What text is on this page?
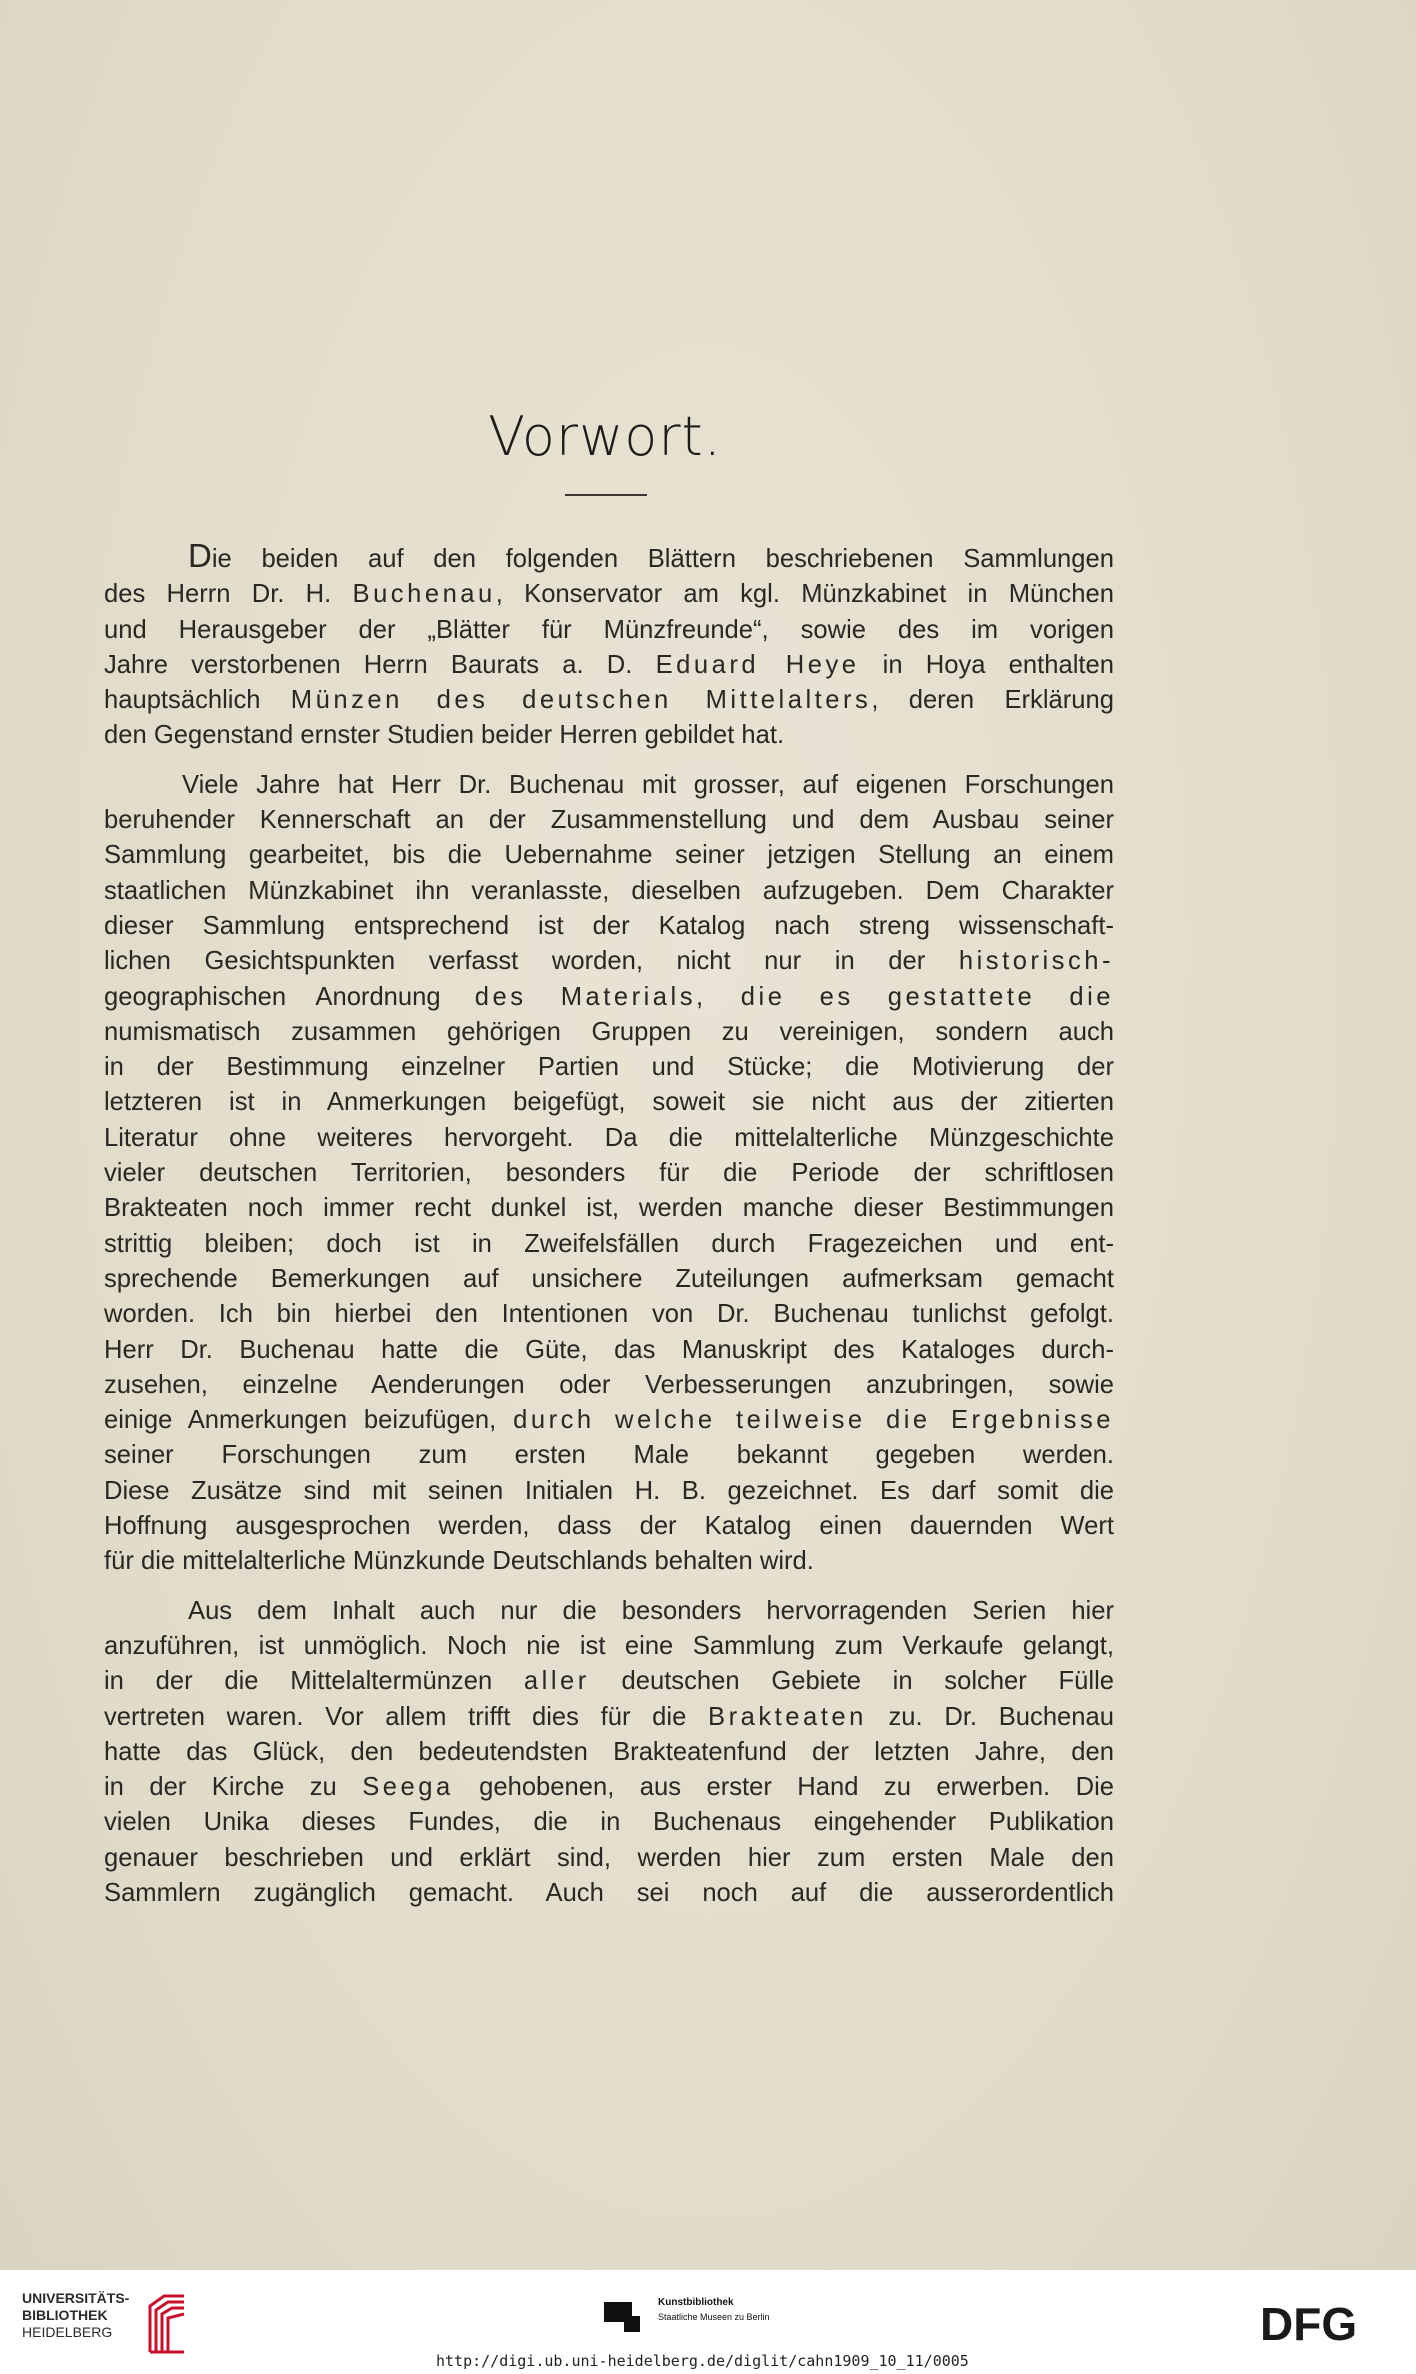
Vorwort.
Die beiden auf den folgenden Blättern beschriebenen Sammlungen
des Herrn Dr. H. Buchenau, Konservator am kgl. Münzkabinet in München
und Herausgeber der „Blätter für Münzfreunde“, sowie des im vorigen
Jahre verstorbenen Herrn Baurats a. D. Eduard Heye in Hoya enthalten
hauptsächlich Münzen des deutschen Mittelalters, deren Erklärung
den Gegenstand ernster Studien beider Herren gebildet hat.
Viele Jahre hat Herr Dr. Buchenau mit grosser, auf eigenen Forschungen
beruhender Kennerschaft an der Zusammenstellung und dem Ausbau seiner
Sammlung gearbeitet, bis die Uebernahme seiner jetzigen Stellung an einem
staatlichen Münzkabinet ihn veranlasste, dieselben aufzugeben. Dem Charakter
dieser Sammlung entsprechend ist der Katalog nach streng wissenschaft-
lichen Gesichtspunkten verfasst worden, nicht nur in der historisch-
geographischen Anordnung des Materials, die es gestattete die
numismatisch zusammen gehörigen Gruppen zu vereinigen, sondern auch
in der Bestimmung einzelner Partien und Stücke; die Motivierung der
letzteren ist in Anmerkungen beigefügt, soweit sie nicht aus der zitierten
Literatur ohne weiteres hervorgeht. Da die mittelalterliche Münzgeschichte
vieler deutschen Territorien, besonders für die Periode der schriftlosen
Brakteaten noch immer recht dunkel ist, werden manche dieser Bestimmungen
strittig bleiben; doch ist in Zweifelsfällen durch Fragezeichen und ent-
sprechende Bemerkungen auf unsichere Zuteilungen aufmerksam gemacht
worden. Ich bin hierbei den Intentionen von Dr. Buchenau tunlichst gefolgt.
Herr Dr. Buchenau hatte die Güte, das Manuskript des Kataloges durch-
zusehen, einzelne Aenderungen oder Verbesserungen anzubringen, sowie
einige Anmerkungen beizufügen, durch welche teilweise die Ergebnisse
seiner Forschungen zum ersten Male bekannt gegeben werden.
Diese Zusätze sind mit seinen Initialen H. B. gezeichnet. Es darf somit die
Hoffnung ausgesprochen werden, dass der Katalog einen dauernden Wert
für die mittelalterliche Münzkunde Deutschlands behalten wird.
Aus dem Inhalt auch nur die besonders hervorragenden Serien hier
anzuführen, ist unmöglich. Noch nie ist eine Sammlung zum Verkaufe gelangt,
in der die Mittelaltermünzen aller deutschen Gebiete in solcher Fülle
vertreten waren. Vor allem trifft dies für die Brakteaten zu. Dr. Buchenau
hatte das Glück, den bedeutendsten Brakteatenfund der letzten Jahre, den
in der Kirche zu Seega gehobenen, aus erster Hand zu erwerben. Die
vielen Unika dieses Fundes, die in Buchenaus eingehender Publikation
genauer beschrieben und erklärt sind, werden hier zum ersten Male den
Sammlern zugänglich gemacht. Auch sei noch auf die ausserordentlich
UNIVERSITÄTS-
BIBLIOTHEK
HEIDELBERG
Kunstbibliothek
Staatliche Museen zu Berlin	DFG
http://digi.ub.uni-heidelberg.de/diglit/cahn1909_10_11/0005
